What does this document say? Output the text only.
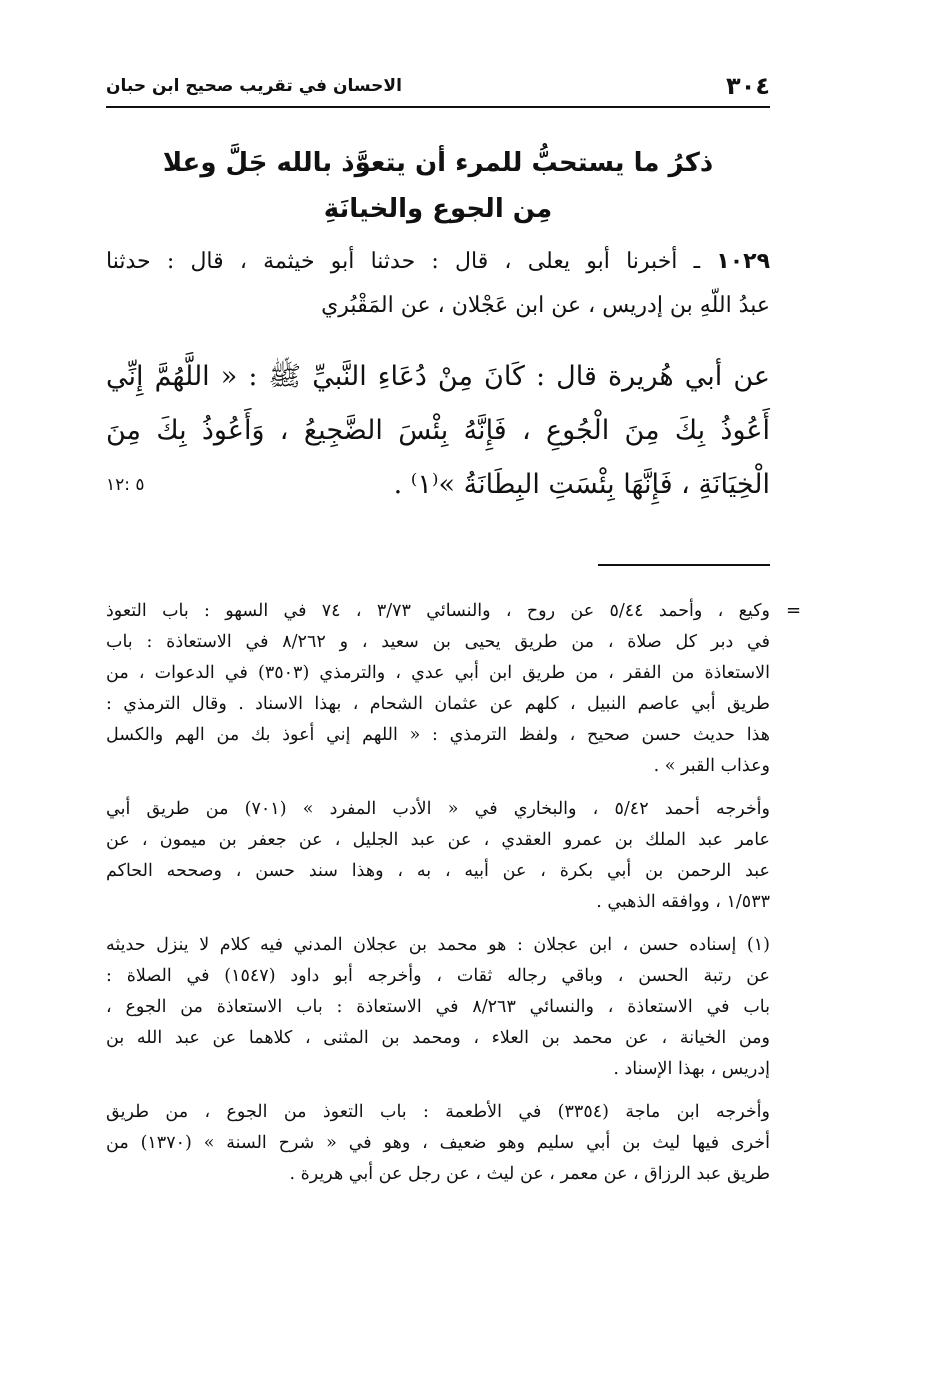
٣٠٤
الاحسان في تقريب صحيح ابن حبان
ذكرُ ما يستحبُّ للمرء أن يتعوَّذ بالله جَلَّ وعلا
مِن الجوع والخيانَةِ
١٠٢٩ ـ أخبرنا أبو يعلى ، قال : حدثنا أبو خيثمة ، قال : حدثنا
عبدُ اللّهِ بن إدريس ، عن ابن عَجْلان ، عن المَقْبُري
عن أبي هُريرة قال : كَانَ مِنْ دُعَاءِ النَّبيِّ ﷺ : « اللَّهُمَّ إِنِّي
أَعُوذُ بِكَ مِنَ الْجُوعِ ، فَإِنَّهُ بِئْسَ الضَّجِيعُ ، وَأَعُوذُ بِكَ مِنَ
الْخِيَانَةِ ، فَإِنَّهَا بِئْسَتِ البِطَانَةُ »⁽١⁾ .
٥ :١٢
=
وكيع ، وأحمد ٥/٤٤ عن روح ، والنسائي ٣/٧٣ ، ٧٤ في السهو : باب التعوذ
في دبر كل صلاة ، من طريق يحيى بن سعيد ، و ٨/٢٦٢ في الاستعاذة : باب
الاستعاذة من الفقر ، من طريق ابن أبي عدي ، والترمذي (٣٥٠٣) في الدعوات ، من
طريق أبي عاصم النبيل ، كلهم عن عثمان الشحام ، بهذا الاسناد . وقال الترمذي :
هذا حديث حسن صحيح ، ولفظ الترمذي : « اللهم إني أعوذ بك من الهم والكسل
وعذاب القبر » .
وأخرجه أحمد ٥/٤٢ ، والبخاري في « الأدب المفرد » (٧٠١) من طريق أبي
عامر عبد الملك بن عمرو العقدي ، عن عبد الجليل ، عن جعفر بن ميمون ، عن
عبد الرحمن بن أبي بكرة ، عن أبيه ، به ، وهذا سند حسن ، وصححه الحاكم
١/٥٣٣ ، ووافقه الذهبي .
(١) إسناده حسن ، ابن عجلان : هو محمد بن عجلان المدني فيه كلام لا ينزل حديثه
عن رتبة الحسن ، وباقي رجاله ثقات ، وأخرجه أبو داود (١٥٤٧) في الصلاة :
باب في الاستعاذة ، والنسائي ٨/٢٦٣ في الاستعاذة : باب الاستعاذة من الجوع ،
ومن الخيانة ، عن محمد بن العلاء ، ومحمد بن المثنى ، كلاهما عن عبد الله بن
إدريس ، بهذا الإسناد .
وأخرجه ابن ماجة (٣٣٥٤) في الأطعمة : باب التعوذ من الجوع ، من طريق
أخرى فيها ليث بن أبي سليم وهو ضعيف ، وهو في « شرح السنة » (١٣٧٠) من
طريق عبد الرزاق ، عن معمر ، عن ليث ، عن رجل عن أبي هريرة .
